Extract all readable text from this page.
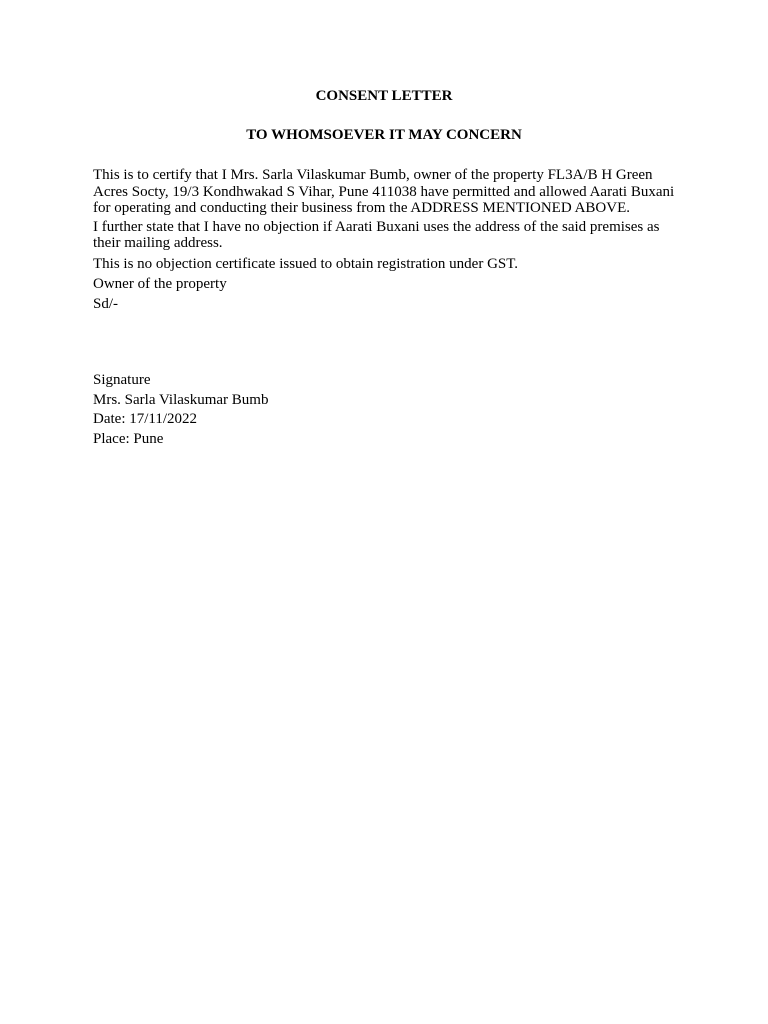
CONSENT LETTER
TO WHOMSOEVER IT MAY CONCERN

This is to certify that I Mrs. Sarla Vilaskumar Bumb, owner of the property FL3A/B H Green Acres Socty, 19/3 Kondhwakad S Vihar, Pune 411038 have permitted and allowed Aarati Buxani for operating and conducting their business from the ADDRESS MENTIONED ABOVE.

I further state that I have no objection if Aarati Buxani uses the address of the said premises as their mailing address.

This is no objection certificate issued to obtain registration under GST.

Owner of the property

Sd/-

Signature

Mrs. Sarla Vilaskumar Bumb

Date: 17/11/2022

Place: Pune
